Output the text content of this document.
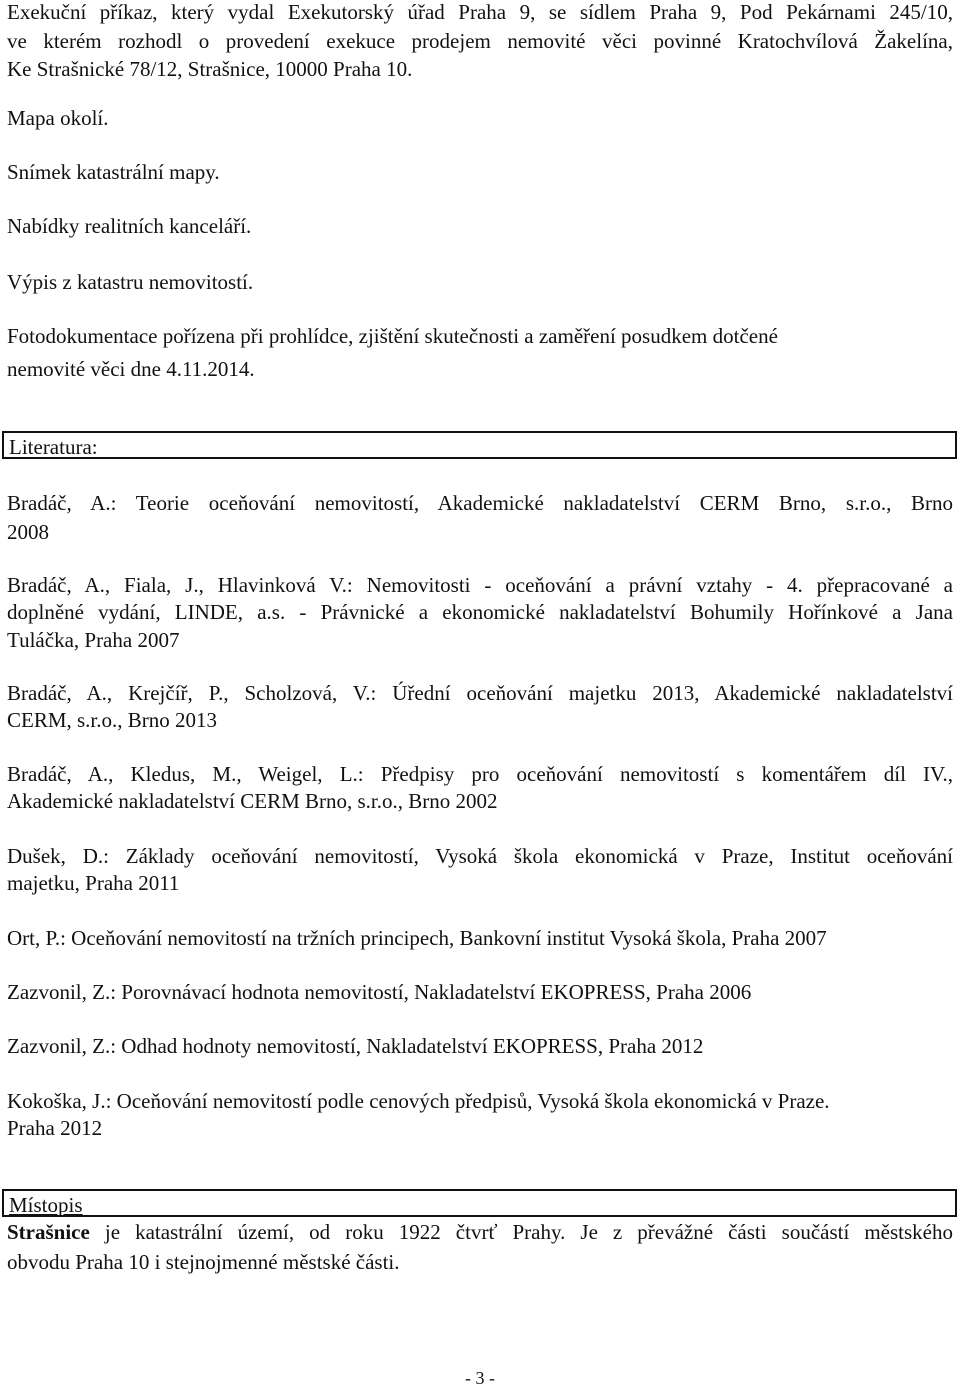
Exekuční příkaz, který vydal Exekutorský úřad Praha 9, se sídlem Praha 9, Pod Pekárnami 245/10,
ve kterém rozhodl o provedení exekuce prodejem nemovité věci povinné Kratochvílová Žakelína,
Ke Strašnické 78/12, Strašnice, 10000 Praha 10.
Mapa okolí.
Snímek katastrální mapy.
Nabídky realitních kanceláří.
Výpis z katastru nemovitostí.
Fotodokumentace pořízena při prohlídce, zjištění skutečnosti a zaměření posudkem dotčené
nemovité věci dne 4.11.2014.
Literatura:
Bradáč, A.: Teorie oceňování nemovitostí, Akademické nakladatelství CERM Brno, s.r.o., Brno
2008
Bradáč, A., Fiala, J., Hlavinková V.: Nemovitosti - oceňování a právní vztahy - 4. přepracované a
doplněné vydání, LINDE, a.s. - Právnické a ekonomické nakladatelství Bohumily Hořínkové a Jana
Tuláčka, Praha 2007
Bradáč, A., Krejčíř, P., Scholzová, V.: Úřední oceňování majetku 2013, Akademické nakladatelství
CERM, s.r.o., Brno 2013
Bradáč, A., Kledus, M., Weigel, L.: Předpisy pro oceňování nemovitostí s komentářem díl IV.,
Akademické nakladatelství CERM Brno, s.r.o., Brno 2002
Dušek, D.: Základy oceňování nemovitostí, Vysoká škola ekonomická v Praze, Institut oceňování
majetku, Praha 2011
Ort, P.: Oceňování nemovitostí na tržních principech, Bankovní institut Vysoká škola, Praha 2007
Zazvonil, Z.: Porovnávací hodnota nemovitostí, Nakladatelství EKOPRESS, Praha 2006
Zazvonil, Z.: Odhad hodnoty nemovitostí, Nakladatelství EKOPRESS, Praha 2012
Kokoška, J.: Oceňování nemovitostí podle cenových předpisů, Vysoká škola ekonomická v Praze.
Praha 2012
Místopis
Strašnice je katastrální území, od roku 1922 čtvrť Prahy. Je z převážné části součástí městského
obvodu Praha 10 i stejnojmenné městské části.
- 3 -
